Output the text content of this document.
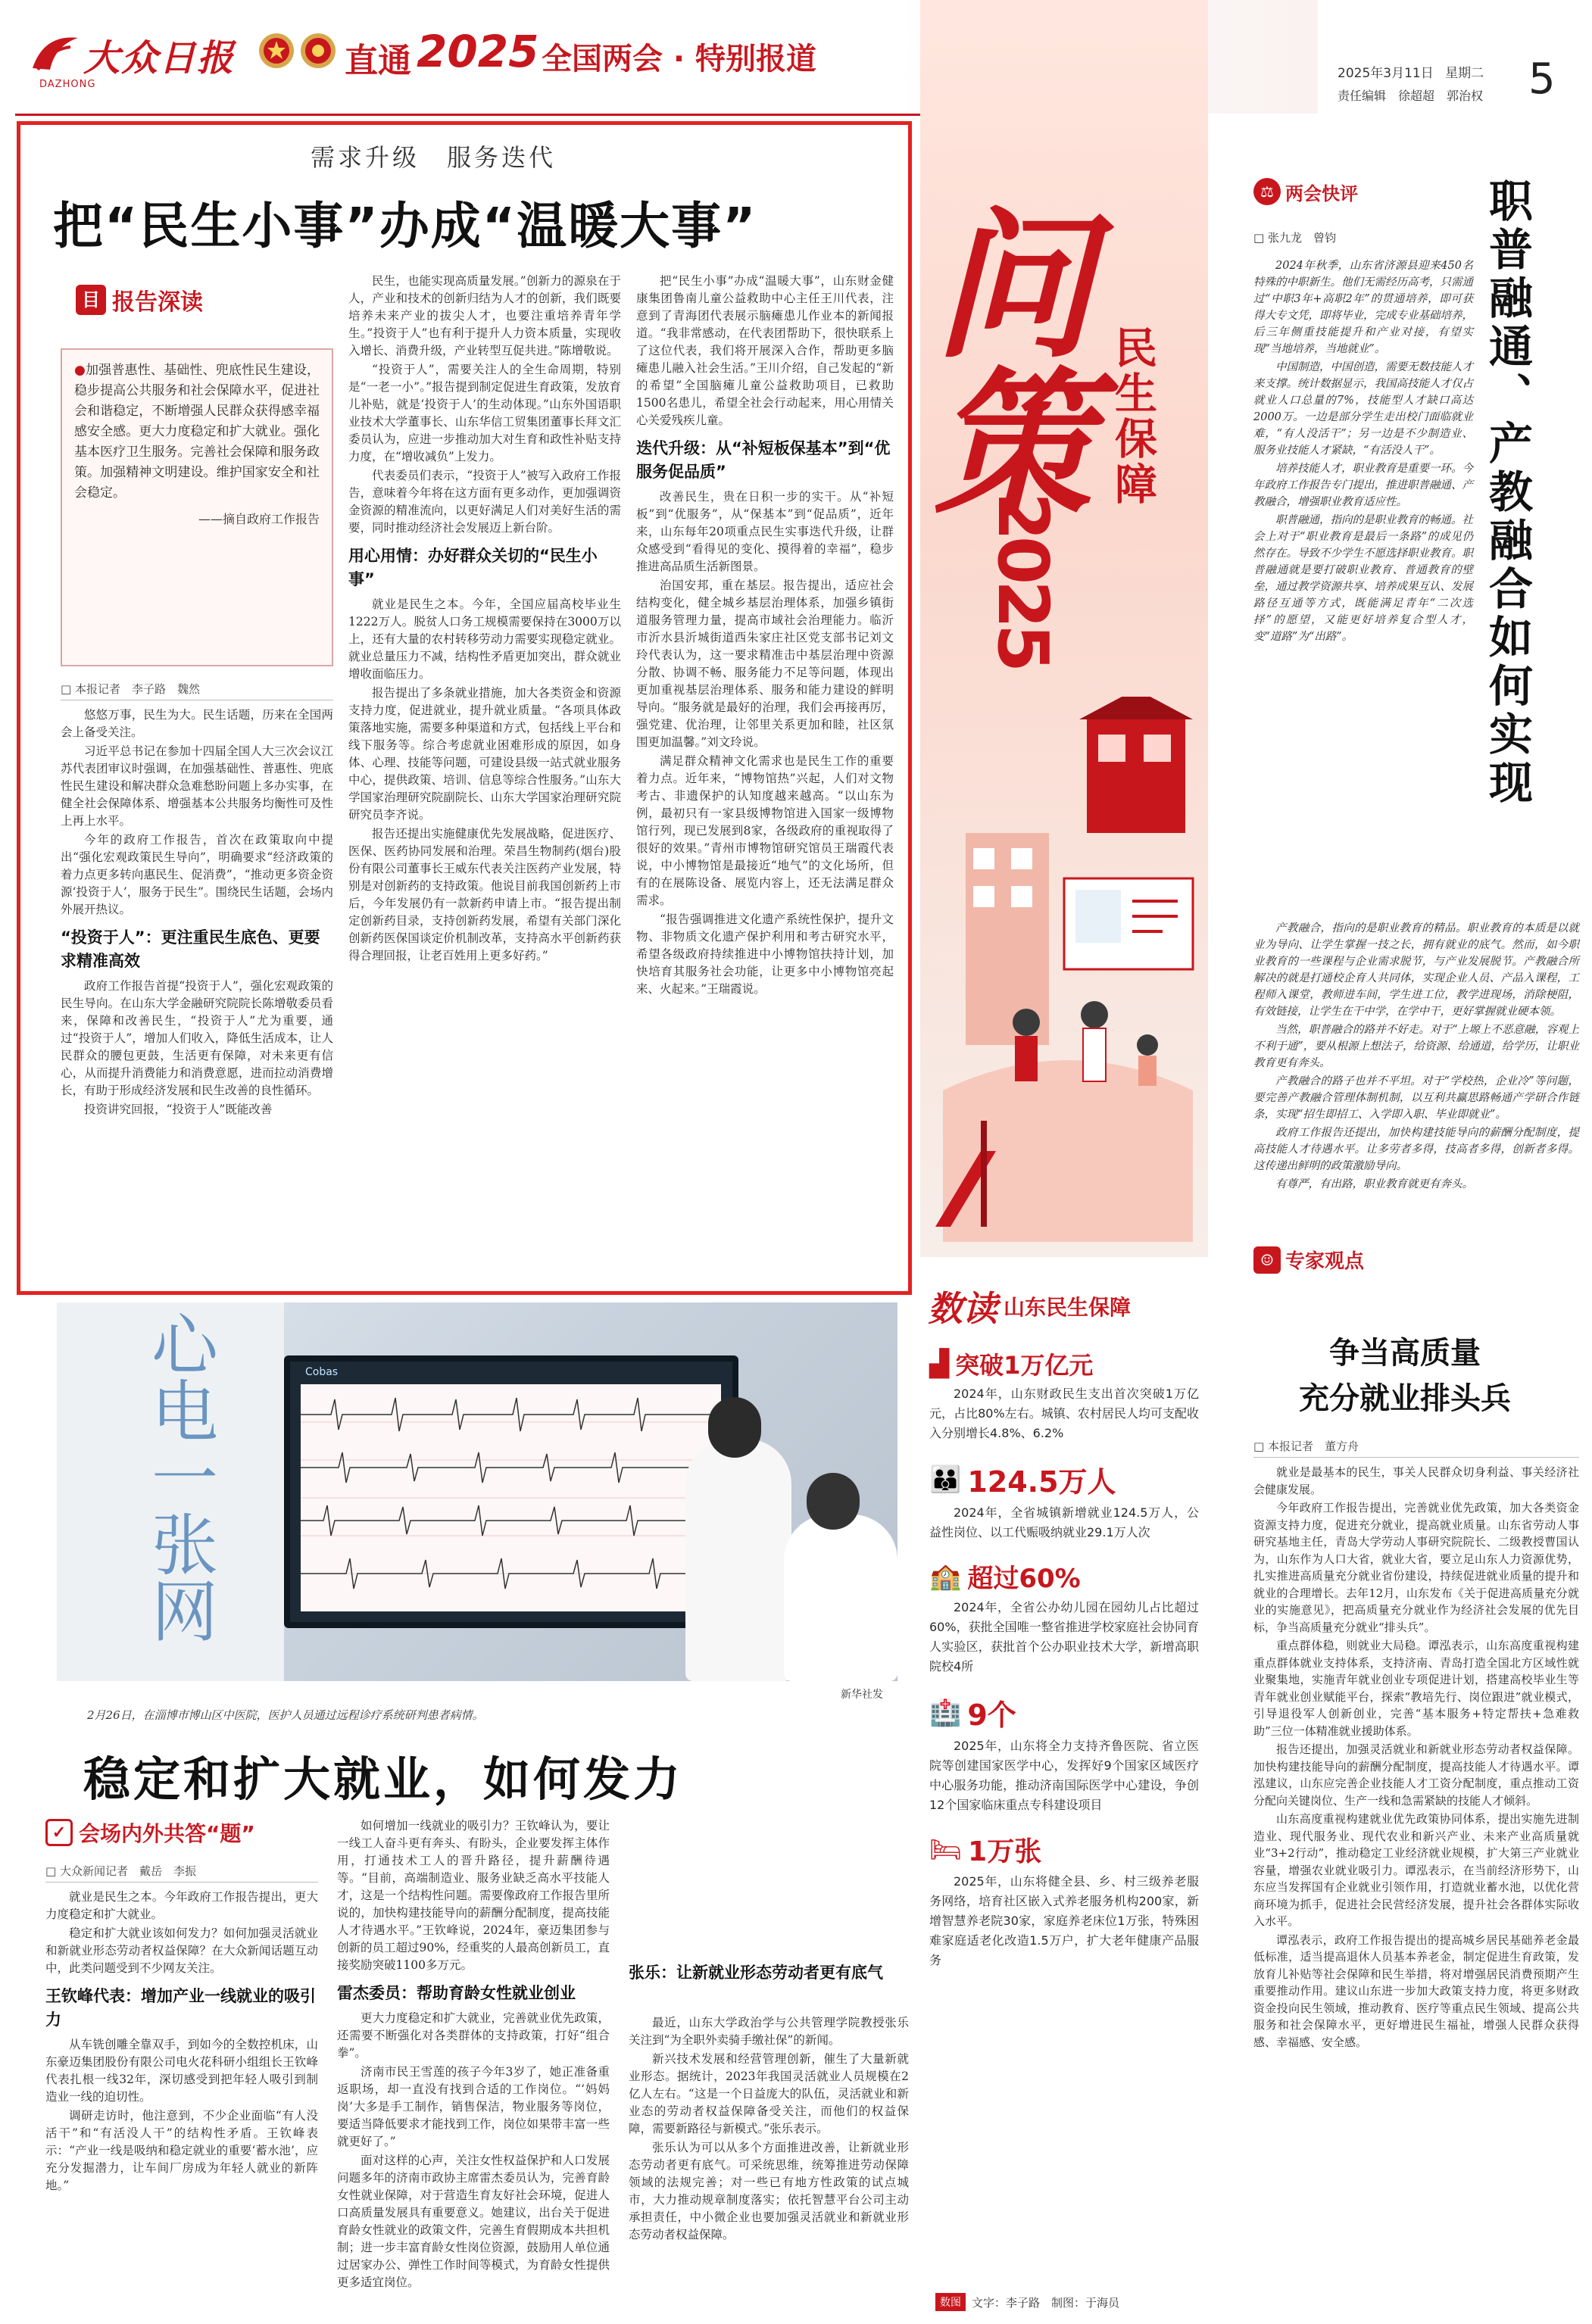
大众日报
DAZHONG
直通 2025 全国两会 · 特别报道	2025年3月11日 星期二
责任编辑　徐超超　郭治权 5
需求升级　服务迭代
把“民生小事”办成“温暖大事”
目 报告深读
●加强普惠性、基础性、兜底性民生建设，稳步提高公共服务和社会保障水平，促进社会和谐稳定，不断增强人民群众获得感幸福感安全感。更大力度稳定和扩大就业。强化基本医疗卫生服务。完善社会保障和服务政策。加强精神文明建设。维护国家安全和社会稳定。
——摘自政府工作报告
□ 本报记者　李子路　魏然

悠悠万事，民生为大。民生话题，历来在全国两会上备受关注。

习近平总书记在参加十四届全国人大三次会议江苏代表团审议时强调，在加强基础性、普惠性、兜底性民生建设和解决群众急难愁盼问题上多办实事，在健全社会保障体系、增强基本公共服务均衡性可及性上再上水平。

今年的政府工作报告，首次在政策取向中提出“强化宏观政策民生导向”，明确要求“经济政策的着力点更多转向惠民生、促消费”，“推动更多资金资源‘投资于人’，服务于民生”。围绕民生话题，会场内外展开热议。

“投资于人”：更注重民生底色、更要求精准高效

政府工作报告首提“投资于人”，强化宏观政策的民生导向。在山东大学金融研究院院长陈增敬委员看来，保障和改善民生，“投资于人”尤为重要，通过“投资于人”，增加人们收入，降低生活成本，让人民群众的腰包更鼓，生活更有保障，对未来更有信心，从而提升消费能力和消费意愿，进而拉动消费增长，有助于形成经济发展和民生改善的良性循环。

投资讲究回报，“投资于人”既能改善

民生，也能实现高质量发展。”创新力的源泉在于人，产业和技术的创新归结为人才的创新，我们既要培养未来产业的拔尖人才，也要注重培养青年学生。”投资于人”也有利于提升人力资本质量，实现收入增长、消费升级，产业转型互促共进。”陈增敬说。

“投资于人”，需要关注人的全生命周期，特别是“一老一小”。”报告提到制定促进生育政策，发放育儿补贴，就是‘投资于人’的生动体现。”山东外国语职业技术大学董事长、山东华信工贸集团董事长拜文汇委员认为，应进一步推动加大对生育和政性补贴支持力度，在“增收减负”上发力。

代表委员们表示，“投资于人”被写入政府工作报告，意味着今年将在这方面有更多动作，更加强调资金资源的精准流向，以更好满足人们对美好生活的需要，同时推动经济社会发展迈上新台阶。

用心用情：办好群众关切的“民生小事”

就业是民生之本。今年，全国应届高校毕业生1222万人。脱贫人口务工规模需要保持在3000万以上，还有大量的农村转移劳动力需要实现稳定就业。就业总量压力不减，结构性矛盾更加突出，群众就业增收面临压力。

报告提出了多条就业措施，加大各类资金和资源支持力度，促进就业，提升就业质量。“各项具体政策落地实施，需要多种渠道和方式，包括线上平台和线下服务等。综合考虑就业困难形成的原因，如身体、心理、技能等问题，可建设县级一站式就业服务中心，提供政策、培训、信息等综合性服务。”山东大学国家治理研究院副院长、山东大学国家治理研究院研究员李齐说。

报告还提出实施健康优先发展战略，促进医疗、医保、医药协同发展和治理。荣昌生物制药(烟台)股份有限公司董事长王威东代表关注医药产业发展，特别是对创新药的支持政策。他说目前我国创新药上市后，今年发展仍有一款新药申请上市。“报告提出制定创新药目录，支持创新药发展，希望有关部门深化创新药医保国谈定价机制改革，支持高水平创新药获得合理回报，让老百姓用上更多好药。”

把“民生小事”办成“温暖大事”，山东财金健康集团鲁南儿童公益救助中心主任王川代表，注意到了青海团代表展示脑瘫患儿作业本的新闻报道。“我非常感动，在代表团帮助下，很快联系上了这位代表，我们将开展深入合作，帮助更多脑瘫患儿融入社会生活。”王川介绍，自己发起的“新的希望”全国脑瘫儿童公益救助项目，已救助1500名患儿，希望全社会行动起来，用心用情关心关爱残疾儿童。

迭代升级：从“补短板保基本”到“优服务促品质”

改善民生，贵在日积一步的实干。从“补短板”到“优服务”，从“保基本”到“促品质”，近年来，山东每年20项重点民生实事迭代升级，让群众感受到“看得见的变化、摸得着的幸福”，稳步推进高品质生活新图景。

治国安邦，重在基层。报告提出，适应社会结构变化，健全城乡基层治理体系，加强乡镇街道服务管理力量，提高市域社会治理能力。临沂市沂水县沂城街道西朱家庄社区党支部书记刘文玲代表认为，这一要求精准击中基层治理中资源分散、协调不畅、服务能力不足等问题，体现出更加重视基层治理体系、服务和能力建设的鲜明导向。“服务就是最好的治理，我们会再接再厉，强党建、优治理，让邻里关系更加和睦，社区氛围更加温馨。”刘文玲说。

满足群众精神文化需求也是民生工作的重要着力点。近年来，“博物馆热”兴起，人们对文物考古、非遗保护的认知度越来越高。“以山东为例，最初只有一家县级博物馆进入国家一级博物馆行列，现已发展到8家，各级政府的重视取得了很好的效果。”青州市博物馆研究馆员王瑞霞代表说，中小博物馆是最接近“地气”的文化场所，但有的在展陈设备、展览内容上，还无法满足群众需求。

“报告强调推进文化遗产系统性保护，提升文物、非物质文化遗产保护利用和考古研究水平，希望各级政府持续推进中小博物馆扶持计划，加快培育其服务社会功能，让更多中小博物馆亮起来、火起来。”王瑞霞说。

心电一张网	Cobas
新华社发
2月26日，在淄博市博山区中医院，医护人员通过远程诊疗系统研判患者病情。
稳定和扩大就业，如何发力
✓ 会场内外共答“题”
□ 大众新闻记者　戴岳　李振

就业是民生之本。今年政府工作报告提出，更大力度稳定和扩大就业。

稳定和扩大就业该如何发力？如何加强灵活就业和新就业形态劳动者权益保障？在大众新闻话题互动中，此类问题受到不少网友关注。

王钦峰代表：增加产业一线就业的吸引力

从车铣创雕全靠双手，到如今的全数控机床，山东豪迈集团股份有限公司电火花科研小组组长王钦峰代表扎根一线32年，深切感受到把年轻人吸引到制造业一线的迫切性。

调研走访时，他注意到，不少企业面临“有人没活干”和“有活没人干”的结构性矛盾。王钦峰表示：“产业一线是吸纳和稳定就业的重要‘蓄水池’，应充分发掘潜力，让车间厂房成为年轻人就业的新阵地。”

如何增加一线就业的吸引力？王钦峰认为，要让一线工人奋斗更有奔头、有盼头，企业要发挥主体作用，打通技术工人的晋升路径，提升薪酬待遇等。“目前，高端制造业、服务业缺乏高水平技能人才，这是一个结构性问题。需要像政府工作报告里所说的，加快构建技能导向的薪酬分配制度，提高技能人才待遇水平。”王钦峰说，2024年，豪迈集团参与创新的员工超过90%，经重奖的人最高创新员工，直接奖励突破1100多万元。

雷杰委员：帮助育龄女性就业创业

更大力度稳定和扩大就业，完善就业优先政策，还需要不断强化对各类群体的支持政策，打好“组合拳”。

济南市民王雪莲的孩子今年3岁了，她正准备重返职场，却一直没有找到合适的工作岗位。“‘妈妈岗’大多是手工制作，销售保洁，物业服务等岗位，要适当降低要求才能找到工作，岗位如果带丰富一些就更好了。”

面对这样的心声，关注女性权益保护和人口发展问题多年的济南市政协主席雷杰委员认为，完善育龄女性就业保障，对于营造生育友好社会环境，促进人口高质量发展具有重要意义。她建议，出台关于促进育龄女性就业的政策文件，完善生育假期成本共担机制；进一步丰富育龄女性岗位资源，鼓励用人单位通过居家办公、弹性工作时间等模式，为育龄女性提供更多适宜岗位。

最近，山东大学政治学与公共管理学院教授张乐关注到“为全职外卖骑手缴社保”的新闻。

新兴技术发展和经营管理创新，催生了大量新就业形态。据统计，2023年我国灵活就业人员规模在2亿人左右。“这是一个日益庞大的队伍，灵活就业和新业态的劳动者权益保障备受关注，而他们的权益保障，需要新路径与新模式。”张乐表示。

张乐认为可以从多个方面推进改善，让新就业形态劳动者更有底气。可采统思维，统筹推进劳动保障领域的法规完善；对一些已有地方性政策的试点城市，大力推动规章制度落实；依托智慧平台公司主动承担责任，中小微企业也要加强灵活就业和新就业形态劳动者权益保障。

张乐：让新就业形态劳动者更有底气
问
策
2025
民生保障
数读 山东民生保障
▟ 突破1万亿元
2024年，山东财政民生支出首次突破1万亿元，占比80%左右。城镇、农村居民人均可支配收入分别增长4.8%、6.2%
👪 124.5万人
2024年，全省城镇新增就业124.5万人，公益性岗位、以工代赈吸纳就业29.1万人次
🏫 超过60%
2024年，全省公办幼儿园在园幼儿占比超过60%，获批全国唯一整省推进学校家庭社会协同育人实验区，获批首个公办职业技术大学，新增高职院校4所
🏥 9个
2025年，山东将全力支持齐鲁医院、省立医院等创建国家医学中心，发挥好9个国家区域医疗中心服务功能，推动济南国际医学中心建设，争创12个国家临床重点专科建设项目
🛏 1万张
2025年，山东将健全县、乡、村三级养老服务网络，培育社区嵌入式养老服务机构200家，新增智慧养老院30家，家庭养老床位1万张，特殊困难家庭适老化改造1.5万户，扩大老年健康产品服务
数图 文字：李子路　制图：于海员
⚖ 两会快评
□ 张九龙　曾钧	职普融通、产教融合如何实现

2024年秋季，山东省济源县迎来450名特殊的中职新生。他们无需经历高考，只需通过“中职3年+高职2年”的贯通培养，即可获得大专文凭，即将毕业，完成专业基础培养，后三年侧重技能提升和产业对接，有望实现“当地培养，当地就业”。

中国制造，中国创造，需要无数技能人才来支撑。统计数据显示，我国高技能人才仅占就业人口总量的7%，技能型人才缺口高达2000万。一边是部分学生走出校门面临就业难，“有人没活干”；另一边是不少制造业、服务业技能人才紧缺，“有活没人干”。

培养技能人才，职业教育是重要一环。今年政府工作报告专门提出，推进职普融通、产教融合，增强职业教育适应性。

职普融通，指向的是职业教育的畅通。社会上对于“职业教育是最后一条路”的成见仍然存在。导致不少学生不愿选择职业教育。职普融通就是要打破职业教育、普通教育的壁垒，通过教学资源共享、培养成果互认、发展路径互通等方式，既能满足青年“二次选择”的愿望，又能更好培养复合型人才，变“道路”为“出路”。

产教融合，指向的是职业教育的精品。职业教育的本质是以就业为导向、让学生掌握一技之长，拥有就业的底气。然而，如今职业教育的一些课程与企业需求脱节，与产业发展脱节。产教融合所解决的就是打通校企育人共同体，实现企业人员、产品入课程，工程师入课堂，教师进车间，学生进工位，教学进现场，消除梗阻，有效链接，让学生在干中学，在学中干，更好掌握就业硬本领。

当然，职普融合的路并不好走。对于“上塬上不恶意融，容观上不利于通”，要从根源上想法子，给资源、给通道，给学历，让职业教育更有奔头。

产教融合的路子也并不平坦。对于“学校热，企业冷”等问题，要完善产教融合管理体制机制，以互利共赢思路畅通产学研合作链条，实现“招生即招工、入学即入职、毕业即就业”。

政府工作报告还提出，加快构建技能导向的薪酬分配制度，提高技能人才待遇水平。让多劳者多得，技高者多得，创新者多得。这传递出鲜明的政策激励导向。

有尊严，有出路，职业教育就更有奔头。

☺ 专家观点
争当高质量
充分就业排头兵
□ 本报记者　董方舟

就业是最基本的民生，事关人民群众切身利益、事关经济社会健康发展。

今年政府工作报告提出，完善就业优先政策，加大各类资金资源支持力度，促进充分就业，提高就业质量。山东省劳动人事研究基地主任，青岛大学劳动人事研究院院长、二级教授曹国认为，山东作为人口大省，就业大省，要立足山东人力资源优势，扎实推进高质量充分就业省份建设，持续促进就业质量的提升和就业的合理增长。去年12月，山东发布《关于促进高质量充分就业的实施意见》，把高质量充分就业作为经济社会发展的优先目标，争当高质量充分就业“排头兵”。

重点群体稳，则就业大局稳。谭泓表示，山东高度重视构建重点群体就业支持体系，支持济南、青岛打造全国北方区域性就业聚集地，实施青年就业创业专项促进计划，搭建高校毕业生等青年就业创业赋能平台，探索“教培先行、岗位跟进”就业模式，引导退役军人创新创业，完善“基本服务+特定帮扶+急难救助”三位一体精准就业援助体系。

报告还提出，加强灵活就业和新就业形态劳动者权益保障。加快构建技能导向的薪酬分配制度，提高技能人才待遇水平。谭泓建议，山东应完善企业技能人才工资分配制度，重点推动工资分配向关键岗位、生产一线和急需紧缺的技能人才倾斜。

山东高度重视构建就业优先政策协同体系，提出实施先进制造业、现代服务业、现代农业和新兴产业、未来产业高质量就业“3+2行动”，推动稳定工业经济就业规模，扩大第三产业就业容量，增强农业就业吸引力。谭泓表示，在当前经济形势下，山东应当发挥国有企业就业引领作用，打造就业蓄水池，以优化营商环境为抓手，促进社会民营经济发展，提升社会各群体实际收入水平。

谭泓表示，政府工作报告提出的提高城乡居民基础养老金最低标准，适当提高退休人员基本养老金，制定促进生育政策，发放育儿补贴等社会保障和民生举措，将对增强居民消费预期产生重要推动作用。建议山东进一步加大政策支持力度，将更多财政资金投向民生领域，推动教育、医疗等重点民生领域、提高公共服务和社会保障水平，更好增进民生福祉，增强人民群众获得感、幸福感、安全感。
